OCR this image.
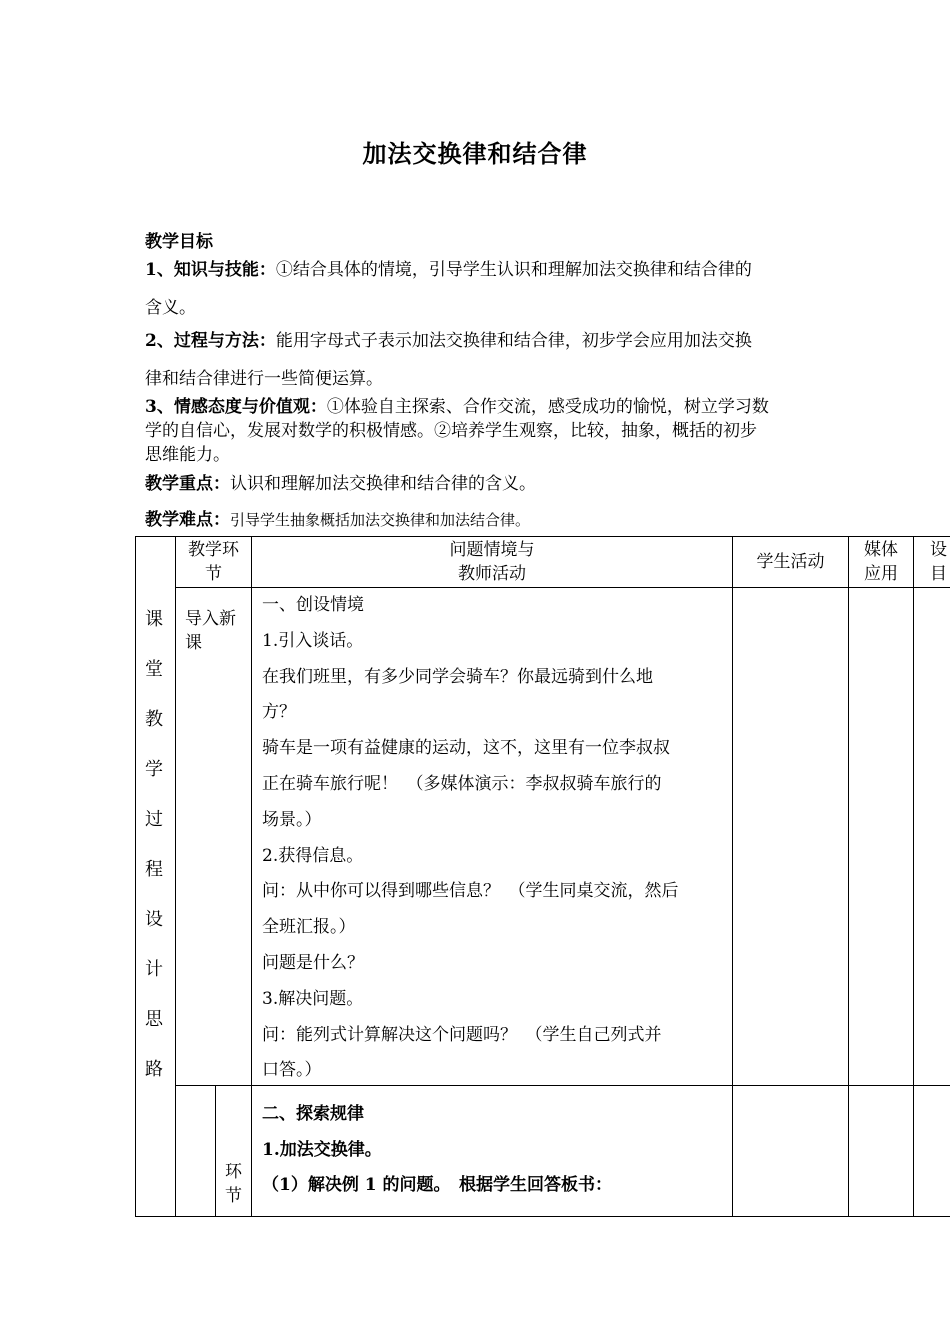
加法交换律和结合律
教学目标
1、知识与技能：①结合具体的情境，引导学生认识和理解加法交换律和结合律的
含义。
2、过程与方法：能用字母式子表示加法交换律和结合律，初步学会应用加法交换
律和结合律进行一些简便运算。
3、情感态度与价值观：①体验自主探索、合作交流，感受成功的愉悦，树立学习数
学的自信心，发展对数学的积极情感。②培养学生观察，比较，抽象，概括的初步
思维能力。
教学重点：认识和理解加法交换律和结合律的含义。
教学难点：引导学生抽象概括加法交换律和加法结合律。
课
堂
教
学
过
程
设
计
思
路
教学环
节
问题情境与
教师活动
学生活动
媒体
应用
设
目
导入新
课
一、创设情境
1.引入谈话。
在我们班里，有多少同学会骑车？你最远骑到什么地
方？
骑车是一项有益健康的运动，这不，这里有一位李叔叔
正在骑车旅行呢！　（多媒体演示：李叔叔骑车旅行的
场景。）
2.获得信息。
问：从中你可以得到哪些信息？　（学生同桌交流，然后
全班汇报。）
问题是什么？
3.解决问题。
问：能列式计算解决这个问题吗？　（学生自己列式并
口答。）
环
节
二、探索规律
1.加法交换律。
（1）解决例 1 的问题。　根据学生回答板书：
